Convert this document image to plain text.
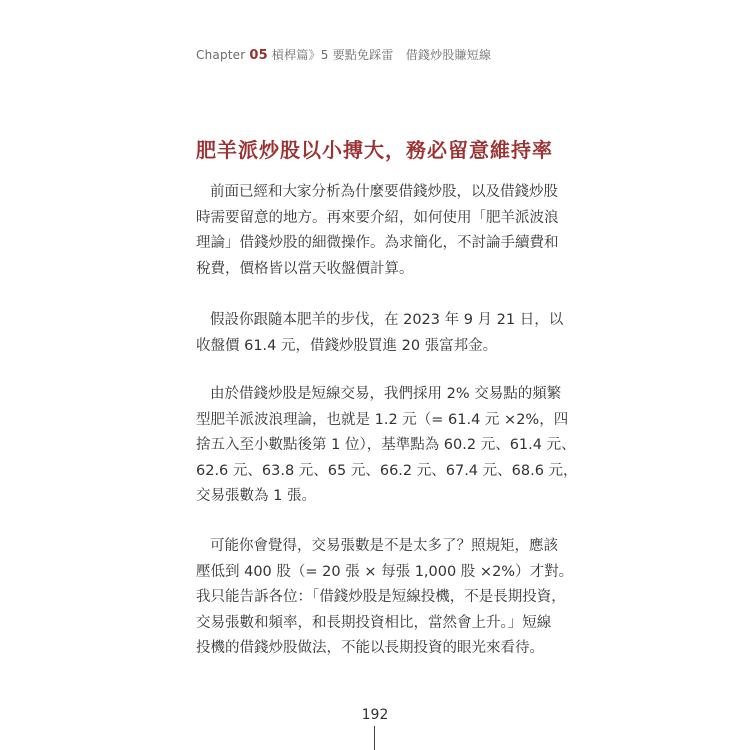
Chapter 05 槓桿篇》5 要點免踩雷　借錢炒股賺短線
肥羊派炒股以小搏大，務必留意維持率

前面已經和大家分析為什麼要借錢炒股，以及借錢炒股
時需要留意的地方。再來要介紹，如何使用「肥羊派波浪
理論」借錢炒股的細微操作。為求簡化，不討論手續費和
稅費，價格皆以當天收盤價計算。

假設你跟隨本肥羊的步伐，在 2023 年 9 月 21 日，以
收盤價 61.4 元，借錢炒股買進 20 張富邦金。

由於借錢炒股是短線交易，我們採用 2% 交易點的頻繁
型肥羊派波浪理論，也就是 1.2 元（= 61.4 元 ×2%，四
捨五入至小數點後第 1 位），基準點為 60.2 元、61.4 元、
62.6 元、63.8 元、65 元、66.2 元、67.4 元、68.6 元，
交易張數為 1 張。

可能你會覺得，交易張數是不是太多了？照規矩，應該
壓低到 400 股（= 20 張 × 每張 1,000 股 ×2%）才對。
我只能告訴各位：「借錢炒股是短線投機，不是長期投資，
交易張數和頻率，和長期投資相比，當然會上升。」短線
投機的借錢炒股做法，不能以長期投資的眼光來看待。

192
